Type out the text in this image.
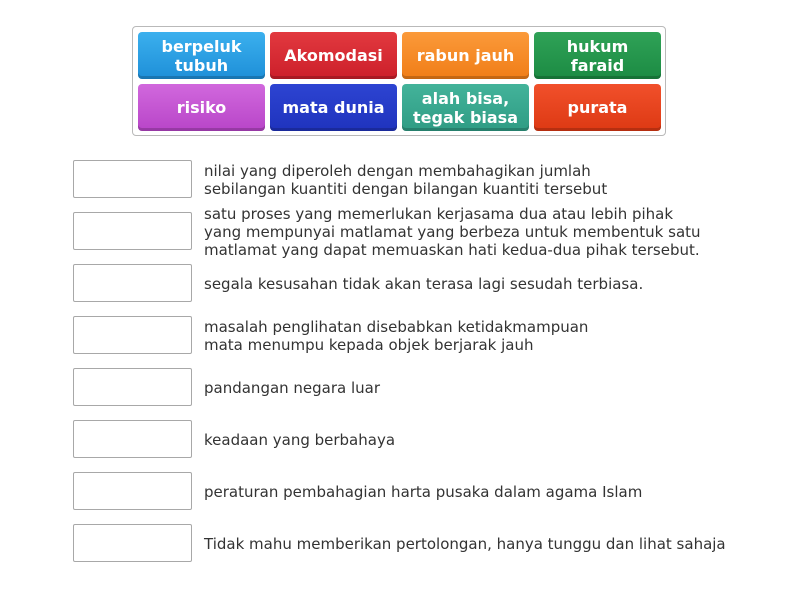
berpeluk
tubuh	Akomodasi rabun jauh	hukum faraid
risiko	mata dunia	alah bisa,
tegak biasa	purata
nilai yang diperoleh dengan membahagikan jumlah
sebilangan kuantiti dengan bilangan kuantiti tersebut
satu proses yang memerlukan kerjasama dua atau lebih pihak
yang mempunyai matlamat yang berbeza untuk membentuk satu
matlamat yang dapat memuaskan hati kedua-dua pihak tersebut.
segala kesusahan tidak akan terasa lagi sesudah terbiasa.
masalah penglihatan disebabkan ketidakmampuan
mata menumpu kepada objek berjarak jauh
pandangan negara luar
keadaan yang berbahaya
peraturan pembahagian harta pusaka dalam agama Islam
Tidak mahu memberikan pertolongan, hanya tunggu dan lihat sahaja
